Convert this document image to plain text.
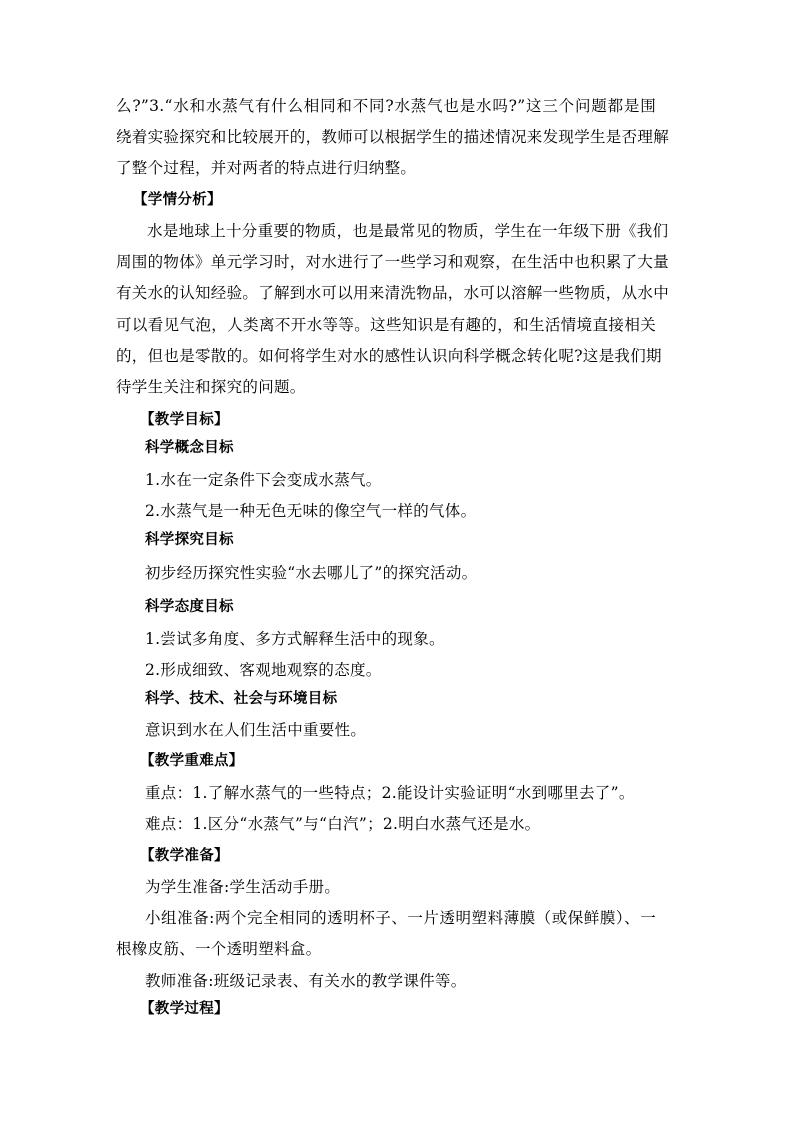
么?”3.“水和水蒸气有什么相同和不同?水蒸气也是水吗?”这三个问题都是围
绕着实验探究和比较展开的，教师可以根据学生的描述情况来发现学生是否理解
了整个过程，并对两者的特点进行归纳整。
【学情分析】
水是地球上十分重要的物质，也是最常见的物质，学生在一年级下册《我们
周围的物体》单元学习时，对水进行了一些学习和观察，在生活中也积累了大量
有关水的认知经验。了解到水可以用来清洗物品，水可以溶解一些物质，从水中
可以看见气泡，人类离不开水等等。这些知识是有趣的，和生活情境直接相关
的，但也是零散的。如何将学生对水的感性认识向科学概念转化呢?这是我们期
待学生关注和探究的问题。
【教学目标】
科学概念目标
1.水在一定条件下会变成水蒸气。
2.水蒸气是一种无色无味的像空气一样的气体。
科学探究目标
初步经历探究性实验“水去哪儿了”的探究活动。
科学态度目标
1.尝试多角度、多方式解释生活中的现象。
2.形成细致、客观地观察的态度。
科学、技术、社会与环境目标
意识到水在人们生活中重要性。
【教学重难点】
重点：1.了解水蒸气的一些特点；2.能设计实验证明“水到哪里去了”。
难点：1.区分“水蒸气”与“白汽”；2.明白水蒸气还是水。
【教学准备】
为学生准备:学生活动手册。
小组准备:两个完全相同的透明杯子、一片透明塑料薄膜（或保鲜膜）、一
根橡皮筋、一个透明塑料盒。
教师准备:班级记录表、有关水的教学课件等。
【教学过程】
